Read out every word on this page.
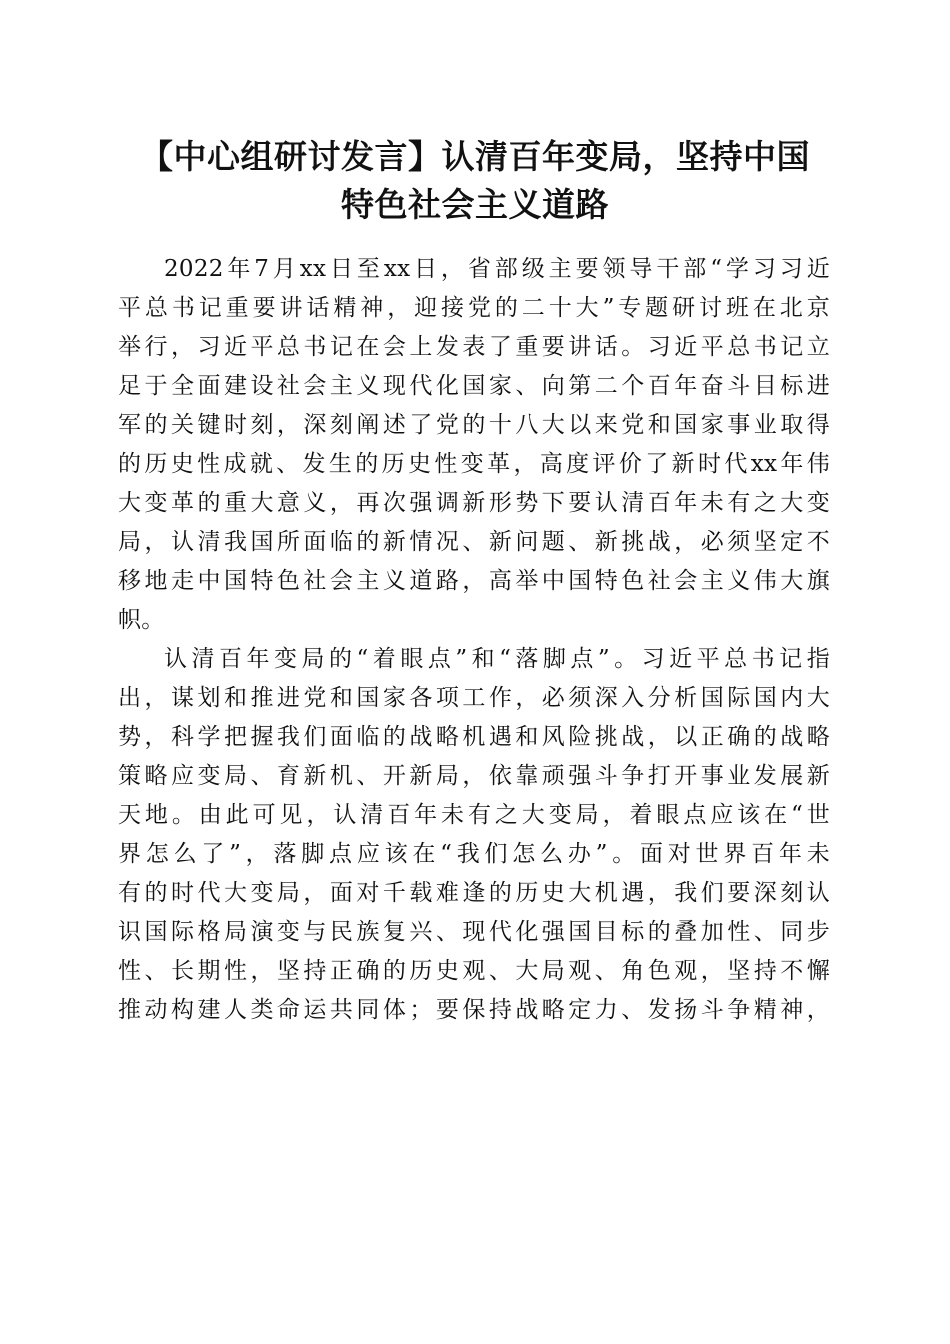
【中心组研讨发言】认清百年变局，坚持中国
特色社会主义道路

2022年7月xx日至xx日，省部级主要领导干部“学习习近
平总书记重要讲话精神，迎接党的二十大”专题研讨班在北京
举行，习近平总书记在会上发表了重要讲话。习近平总书记立
足于全面建设社会主义现代化国家、向第二个百年奋斗目标进
军的关键时刻，深刻阐述了党的十八大以来党和国家事业取得
的历史性成就、发生的历史性变革，高度评价了新时代xx年伟
大变革的重大意义，再次强调新形势下要认清百年未有之大变
局，认清我国所面临的新情况、新问题、新挑战，必须坚定不
移地走中国特色社会主义道路，高举中国特色社会主义伟大旗
帜。

认清百年变局的“着眼点”和“落脚点”。习近平总书记指
出，谋划和推进党和国家各项工作，必须深入分析国际国内大
势，科学把握我们面临的战略机遇和风险挑战，以正确的战略
策略应变局、育新机、开新局，依靠顽强斗争打开事业发展新
天地。由此可见，认清百年未有之大变局，着眼点应该在“世
界怎么了”，落脚点应该在“我们怎么办”。面对世界百年未
有的时代大变局，面对千载难逢的历史大机遇，我们要深刻认
识国际格局演变与民族复兴、现代化强国目标的叠加性、同步
性、长期性，坚持正确的历史观、大局观、角色观，坚持不懈
推动构建人类命运共同体；要保持战略定力、发扬斗争精神，
